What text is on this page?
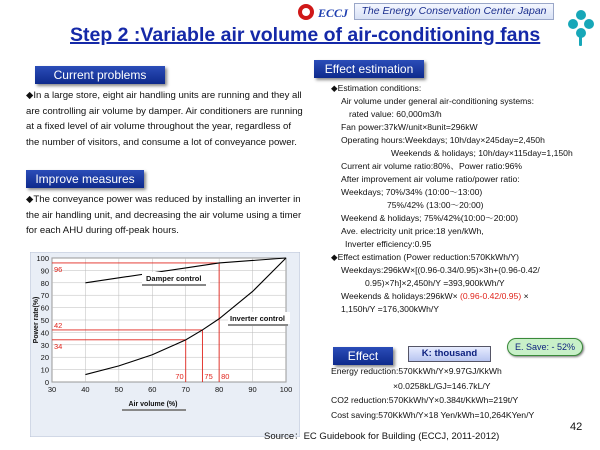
ECCJ	The Energy Conservation Center Japan
Step 2 :Variable air volume of air-conditioning fans
Current problems
◆In a large store, eight air handling units are running and they all are controlling air volume by damper. Air conditioners are running at a fixed level of air volume throughout the year, regardless of the number of visitors, and consume a lot of conveyance power.
Improve measures
◆The conveyance power was reduced by installing an inverter in the air handling unit, and decreasing the air volume using a timer for each AHU during off-peak hours.
0
10
20
30
40
50
60
70
80
90
100
30	40	50	60	70	80	90	100
96
42
34
70	75 80
Damper control
Inverter control
Power rate(%)
Air volume (%)
Effect estimation
◆Estimation conditions:
Air volume under general air-conditioning systems:
rated value: 60,000m3/h
Fan power:37kW/unit×8unit=296kW
Operating hours:Weekdays; 10h/day×245day=2,450h
Weekends & holidays; 10h/day×115day=1,150h
Current air volume ratio:80%、Power ratio:96%
After improvement air volume ratio/power ratio:
Weekdays; 70%/34% (10:00～13:00)
75%/42% (13:00～20:00)
Weekend & holidays; 75%/42%(10:00～20:00)
Ave. electricity unit price:18 yen/kWh,
Inverter efficiency:0.95
◆Effect estimation (Power reduction:570KkWh/Y)
Weekdays:296kW×[(0.96-0.34/0.95)×3h+(0.96-0.42/
0.95)×7h]×2,450h/Y =393,900kWh/Y
Weekends & holidays:296kW× (0.96-0.42/0.95) ×
1,150h/Y =176,300kWh/Y
Effect	K: thousand
E. Save: - 52%
Energy reduction:570KkWh/Y×9.97GJ/KkWh
×0.0258kL/GJ=146.7kL/Y
CO2 reduction:570KkWh/Y×0.384t/KkWh=219t/Y
Cost saving:570KkWh/Y×18 Yen/kWh=10,264KYen/Y
Source：EC Guidebook for Building (ECCJ, 2011-2012)
42
